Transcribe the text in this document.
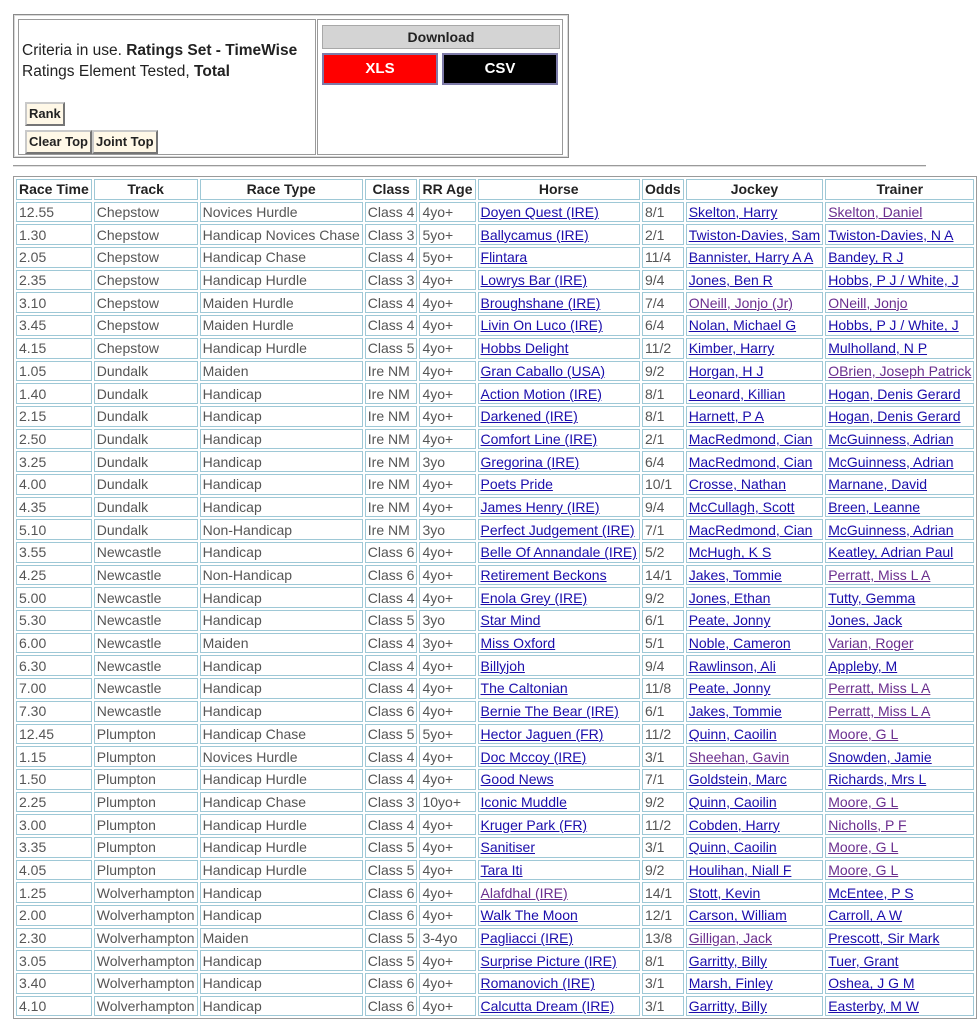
Criteria in use. Ratings Set - TimeWise
Ratings Element Tested, Total
Rank
Clear Top Joint Top
Download
XLS	CSV
Race Time	Track	Race Type	Class	RR Age	Horse	Odds	Jockey	Trainer
12.55	Chepstow	Novices Hurdle	Class 4	4yo+	Doyen Quest (IRE)	8/1	Skelton, Harry	Skelton, Daniel
1.30	Chepstow	Handicap Novices Chase	Class 3	5yo+	Ballycamus (IRE)	2/1	Twiston-Davies, Sam	Twiston-Davies, N A
2.05	Chepstow	Handicap Chase	Class 4	5yo+	Flintara	11/4	Bannister, Harry A A	Bandey, R J
2.35	Chepstow	Handicap Hurdle	Class 3	4yo+	Lowrys Bar (IRE)	9/4	Jones, Ben R	Hobbs, P J / White, J
3.10	Chepstow	Maiden Hurdle	Class 4	4yo+	Broughshane (IRE)	7/4	ONeill, Jonjo (Jr)	ONeill, Jonjo
3.45	Chepstow	Maiden Hurdle	Class 4	4yo+	Livin On Luco (IRE)	6/4	Nolan, Michael G	Hobbs, P J / White, J
4.15	Chepstow	Handicap Hurdle	Class 5	4yo+	Hobbs Delight	11/2	Kimber, Harry	Mulholland, N P
1.05	Dundalk	Maiden	Ire NM	4yo+	Gran Caballo (USA)	9/2	Horgan, H J	OBrien, Joseph Patrick
1.40	Dundalk	Handicap	Ire NM	4yo+	Action Motion (IRE)	8/1	Leonard, Killian	Hogan, Denis Gerard
2.15	Dundalk	Handicap	Ire NM	4yo+	Darkened (IRE)	8/1	Harnett, P A	Hogan, Denis Gerard
2.50	Dundalk	Handicap	Ire NM	4yo+	Comfort Line (IRE)	2/1	MacRedmond, Cian	McGuinness, Adrian
3.25	Dundalk	Handicap	Ire NM	3yo	Gregorina (IRE)	6/4	MacRedmond, Cian	McGuinness, Adrian
4.00	Dundalk	Handicap	Ire NM	4yo+	Poets Pride	10/1	Crosse, Nathan	Marnane, David
4.35	Dundalk	Handicap	Ire NM	4yo+	James Henry (IRE)	9/4	McCullagh, Scott	Breen, Leanne
5.10	Dundalk	Non-Handicap	Ire NM	3yo	Perfect Judgement (IRE)	7/1	MacRedmond, Cian	McGuinness, Adrian
3.55	Newcastle	Handicap	Class 6	4yo+	Belle Of Annandale (IRE)	5/2	McHugh, K S	Keatley, Adrian Paul
4.25	Newcastle	Non-Handicap	Class 6	4yo+	Retirement Beckons	14/1	Jakes, Tommie	Perratt, Miss L A
5.00	Newcastle	Handicap	Class 4	4yo+	Enola Grey (IRE)	9/2	Jones, Ethan	Tutty, Gemma
5.30	Newcastle	Handicap	Class 5	3yo	Star Mind	6/1	Peate, Jonny	Jones, Jack
6.00	Newcastle	Maiden	Class 4	3yo+	Miss Oxford	5/1	Noble, Cameron	Varian, Roger
6.30	Newcastle	Handicap	Class 4	4yo+	Billyjoh	9/4	Rawlinson, Ali	Appleby, M
7.00	Newcastle	Handicap	Class 4	4yo+	The Caltonian	11/8	Peate, Jonny	Perratt, Miss L A
7.30	Newcastle	Handicap	Class 6	4yo+	Bernie The Bear (IRE)	6/1	Jakes, Tommie	Perratt, Miss L A
12.45	Plumpton	Handicap Chase	Class 5	5yo+	Hector Jaguen (FR)	11/2	Quinn, Caoilin	Moore, G L
1.15	Plumpton	Novices Hurdle	Class 4	4yo+	Doc Mccoy (IRE)	3/1	Sheehan, Gavin	Snowden, Jamie
1.50	Plumpton	Handicap Hurdle	Class 4	4yo+	Good News	7/1	Goldstein, Marc	Richards, Mrs L
2.25	Plumpton	Handicap Chase	Class 3	10yo+	Iconic Muddle	9/2	Quinn, Caoilin	Moore, G L
3.00	Plumpton	Handicap Hurdle	Class 4	4yo+	Kruger Park (FR)	11/2	Cobden, Harry	Nicholls, P F
3.35	Plumpton	Handicap Hurdle	Class 5	4yo+	Sanitiser	3/1	Quinn, Caoilin	Moore, G L
4.05	Plumpton	Handicap Hurdle	Class 5	4yo+	Tara Iti	9/2	Houlihan, Niall F	Moore, G L
1.25	Wolverhampton	Handicap	Class 6	4yo+	Alafdhal (IRE)	14/1	Stott, Kevin	McEntee, P S
2.00	Wolverhampton	Handicap	Class 6	4yo+	Walk The Moon	12/1	Carson, William	Carroll, A W
2.30	Wolverhampton	Maiden	Class 5	3-4yo	Pagliacci (IRE)	13/8	Gilligan, Jack	Prescott, Sir Mark
3.05	Wolverhampton	Handicap	Class 5	4yo+	Surprise Picture (IRE)	8/1	Garritty, Billy	Tuer, Grant
3.40	Wolverhampton	Handicap	Class 6	4yo+	Romanovich (IRE)	3/1	Marsh, Finley	Oshea, J G M
4.10	Wolverhampton	Handicap	Class 6	4yo+	Calcutta Dream (IRE)	3/1	Garritty, Billy	Easterby, M W
